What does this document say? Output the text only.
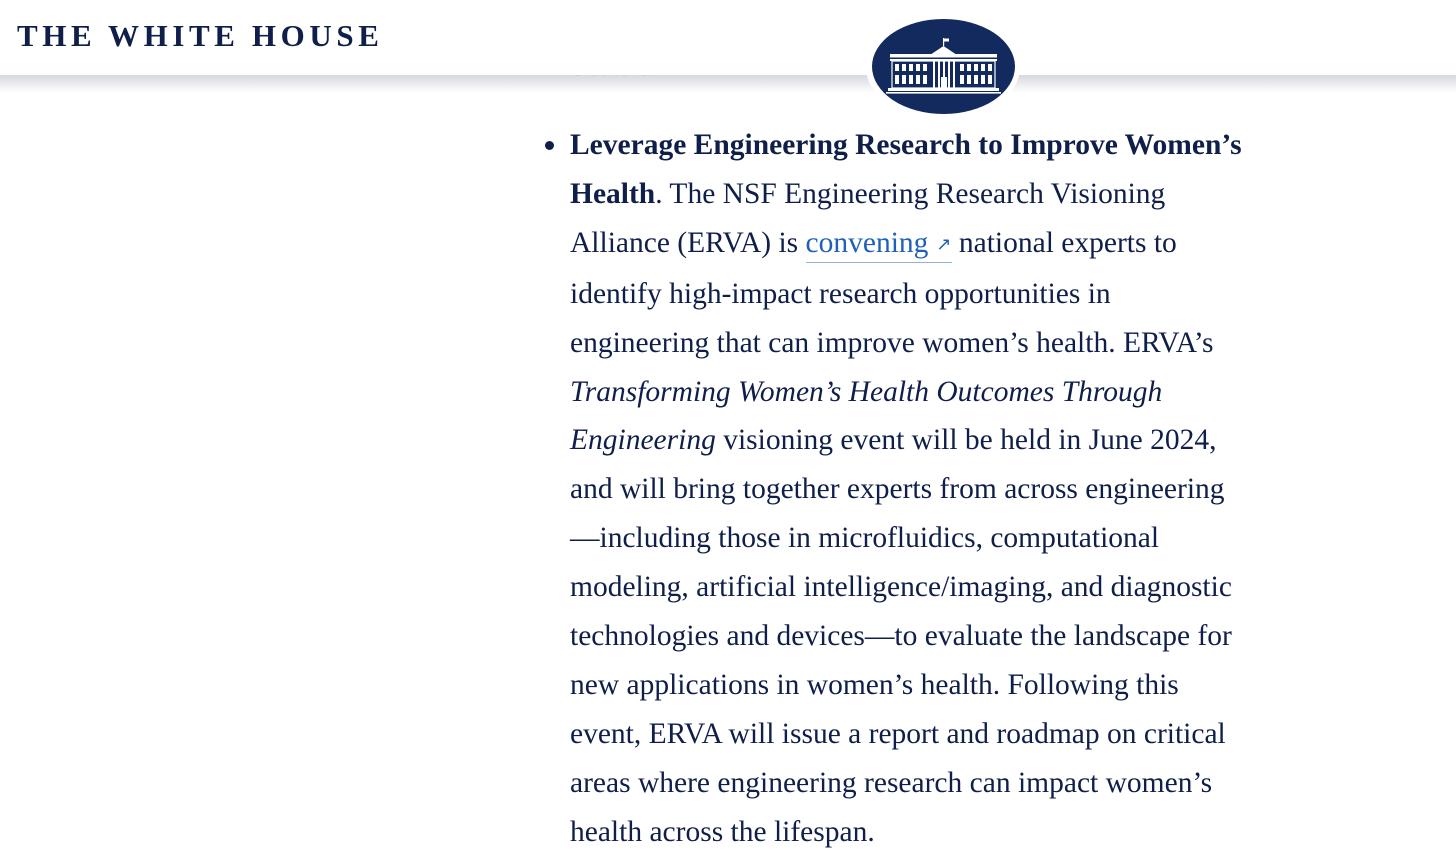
Leverage Engineering Research to Improve Women’s
Health. The NSF Engineering Research Visioning
Alliance (ERVA) is convening ↗ national experts to
identify high-impact research opportunities in
engineering that can improve women’s health. ERVA’s
Transforming Women’s Health Outcomes Through
Engineering visioning event will be held in June 2024,
and will bring together experts from across engineering
—including those in microfluidics, computational
modeling, artificial intelligence/imaging, and diagnostic
technologies and devices—to evaluate the landscape for
new applications in women’s health. Following this
event, ERVA will issue a report and roadmap on critical
areas where engineering research can impact women’s
health across the lifespan.
THE WHITE HOUSE
